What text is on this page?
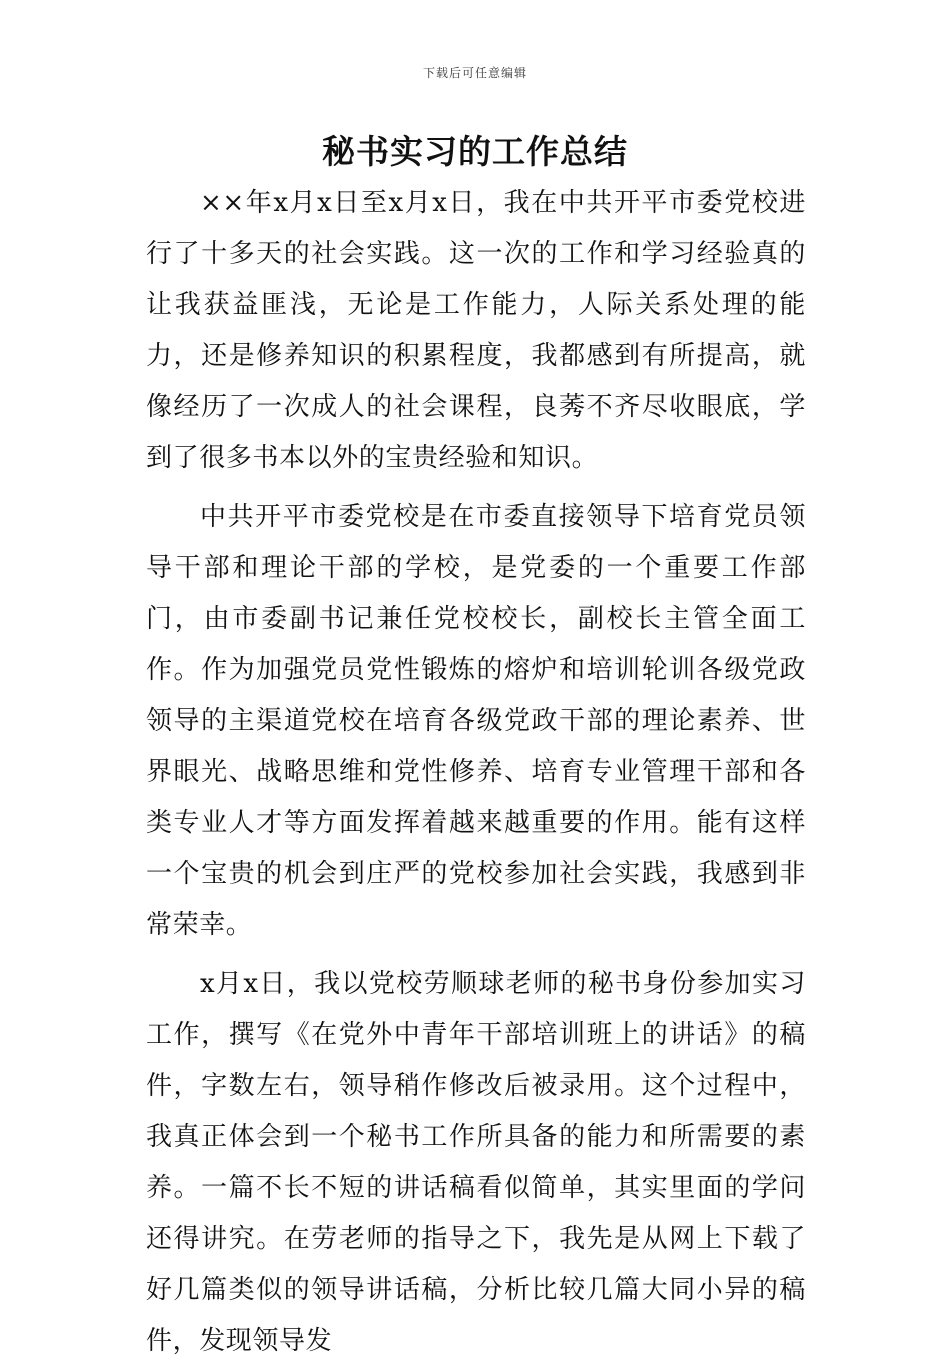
下载后可任意编辑
秘书实习的工作总结

××年x月x日至x月x日，我在中共开平市委党校进行了十多天的社会实践。这一次的工作和学习经验真的让我获益匪浅，无论是工作能力，人际关系处理的能力，还是修养知识的积累程度，我都感到有所提高，就像经历了一次成人的社会课程，良莠不齐尽收眼底，学到了很多书本以外的宝贵经验和知识。

中共开平市委党校是在市委直接领导下培育党员领导干部和理论干部的学校，是党委的一个重要工作部门，由市委副书记兼任党校校长，副校长主管全面工作。作为加强党员党性锻炼的熔炉和培训轮训各级党政领导的主渠道党校在培育各级党政干部的理论素养、世界眼光、战略思维和党性修养、培育专业管理干部和各类专业人才等方面发挥着越来越重要的作用。能有这样一个宝贵的机会到庄严的党校参加社会实践，我感到非常荣幸。

x月x日，我以党校劳顺球老师的秘书身份参加实习工作，撰写《在党外中青年干部培训班上的讲话》的稿件，字数左右，领导稍作修改后被录用。这个过程中，我真正体会到一个秘书工作所具备的能力和所需要的素养。一篇不长不短的讲话稿看似简单，其实里面的学问还得讲究。在劳老师的指导之下，我先是从网上下载了好几篇类似的领导讲话稿，分析比较几篇大同小异的稿件，发现领导发
